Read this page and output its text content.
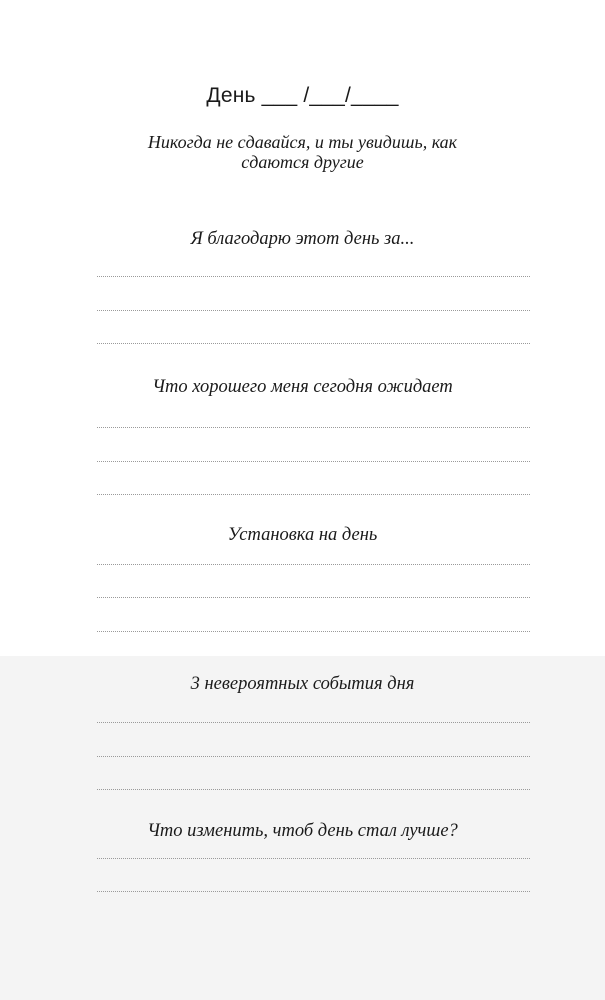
День ___ /___/____
Никогда не сдавайся, и ты увидишь, как
сдаются другие
Я благодарю этот день за...
Что хорошего меня сегодня ожидает
Установка на день
3 невероятных события дня
Что изменить, чтоб день стал лучше?
